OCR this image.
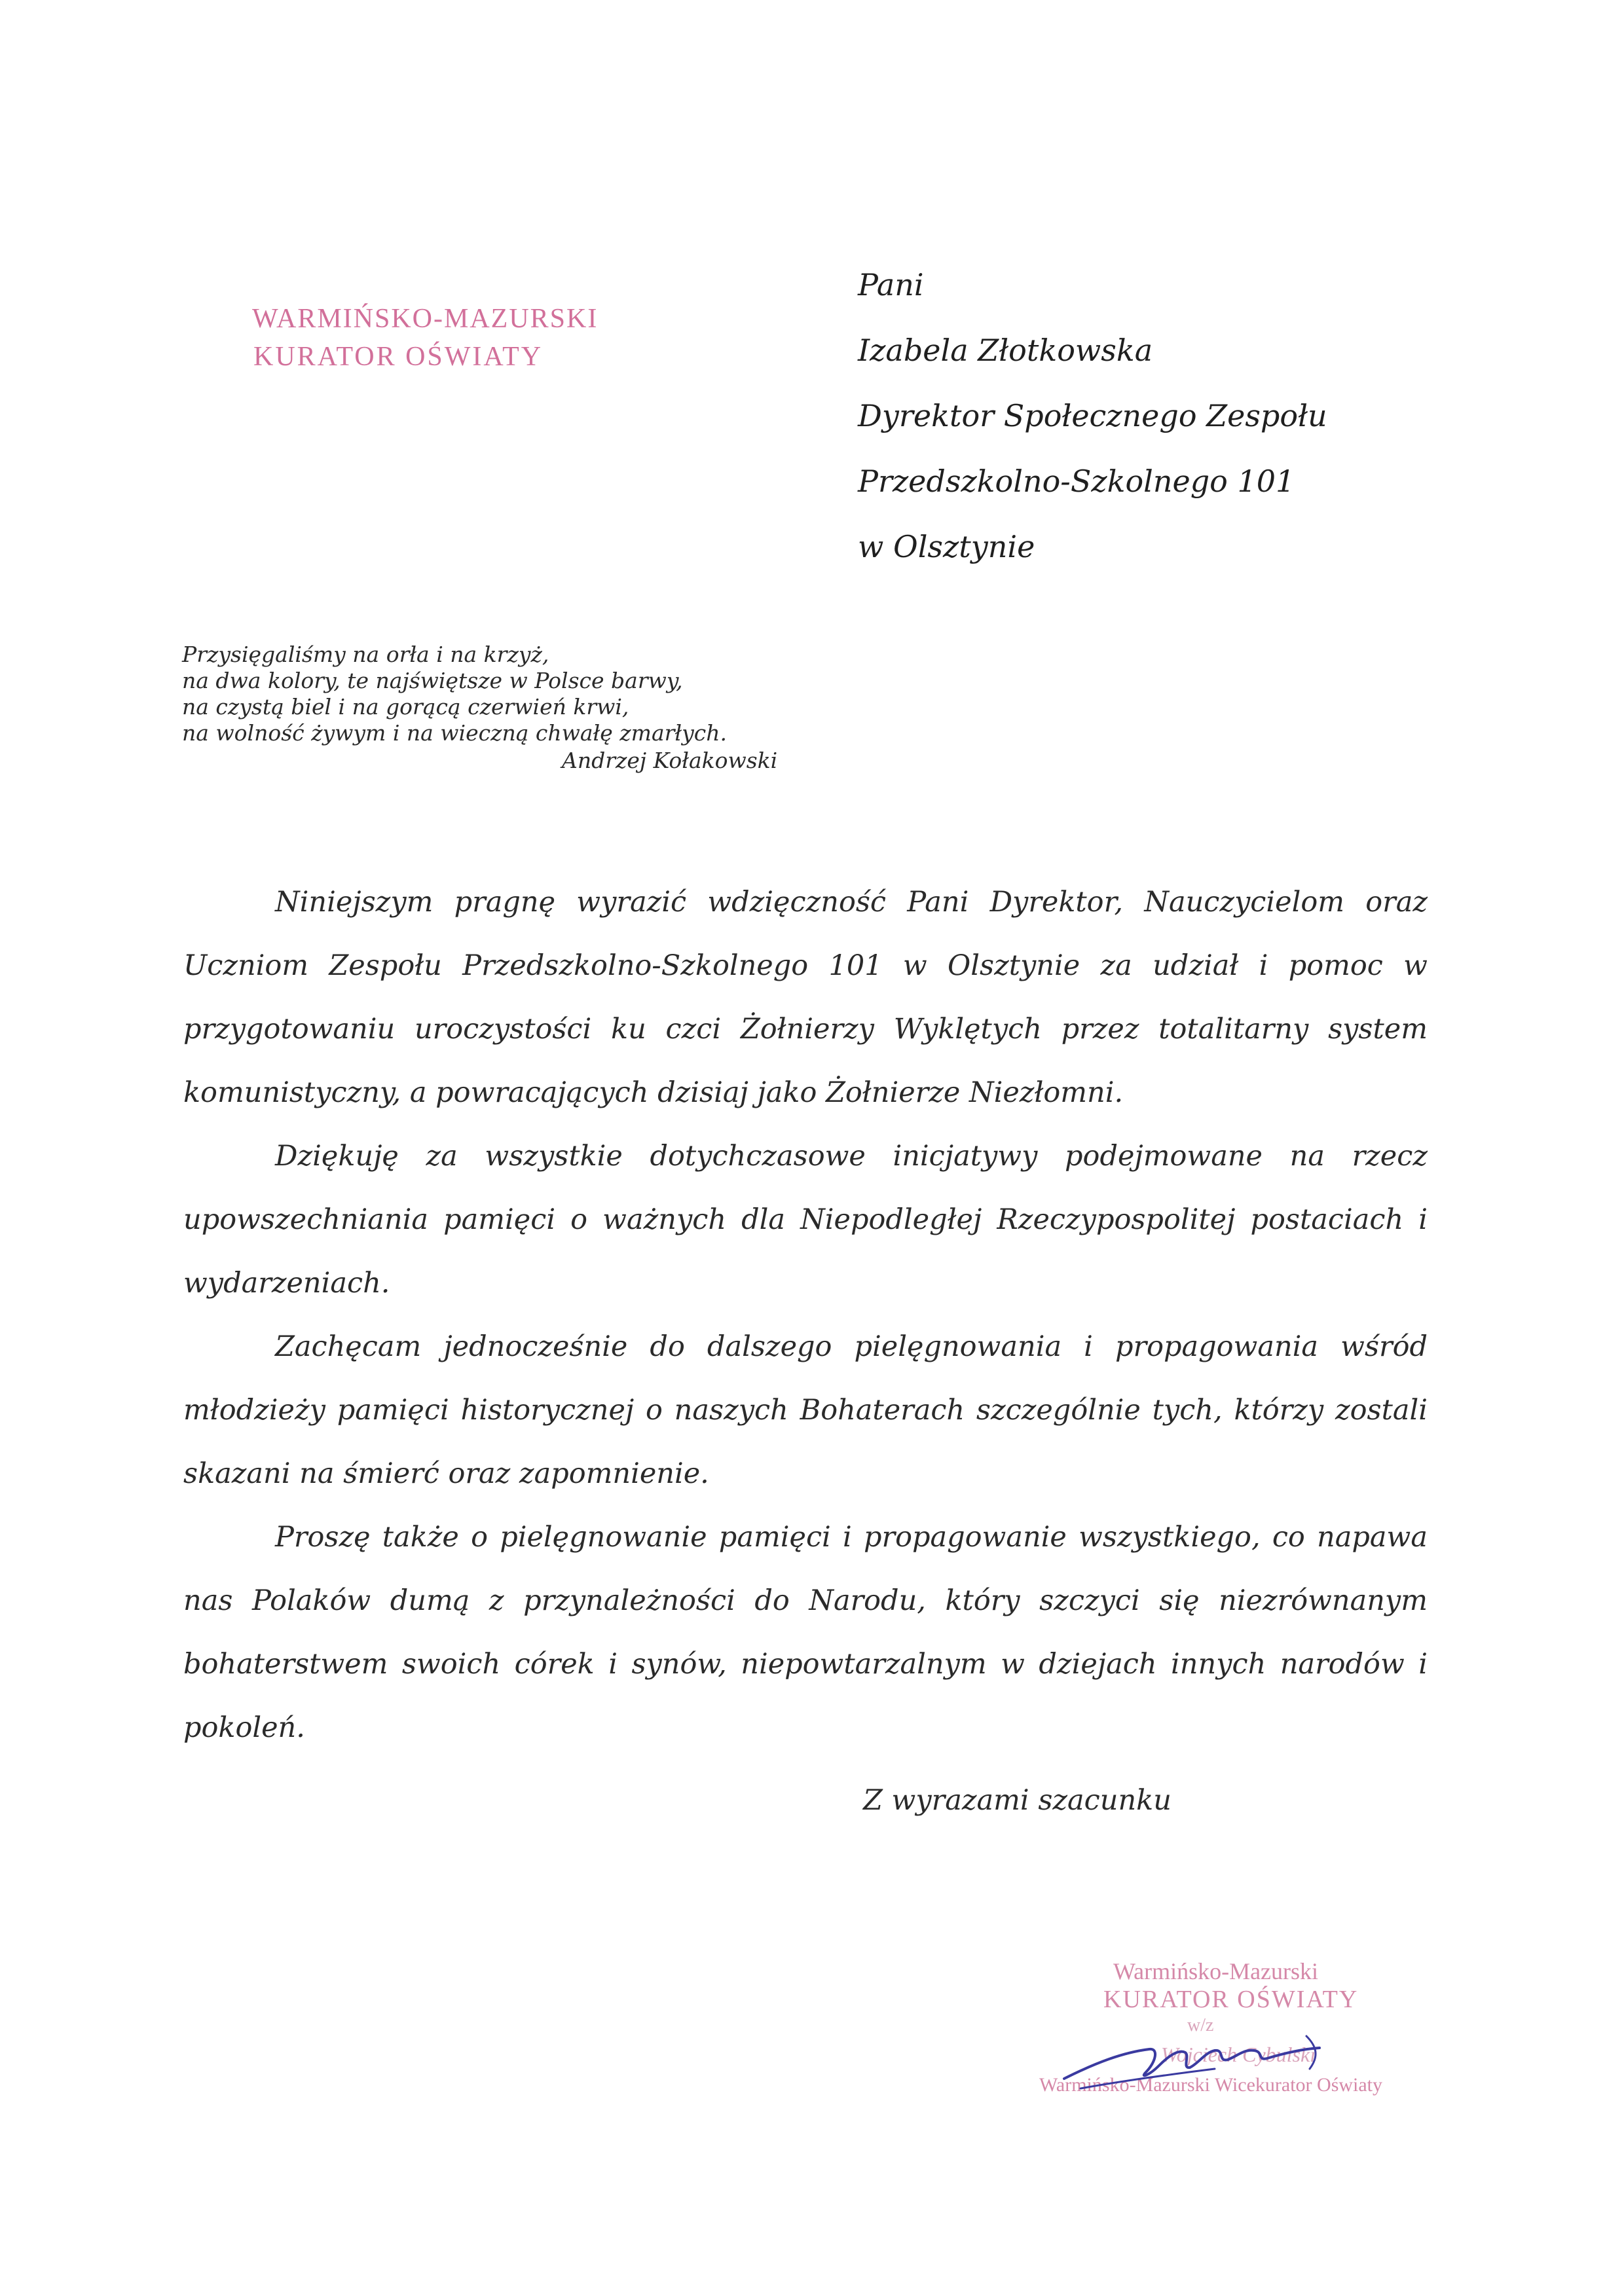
WARMIŃSKO-MAZURSKI
KURATOR OŚWIATY
Pani
Izabela Złotkowska
Dyrektor Społecznego Zespołu
Przedszkolno-Szkolnego 101
w Olsztynie
Przysięgaliśmy na orła i na krzyż,
na dwa kolory, te najświętsze w Polsce barwy,
na czystą biel i na gorącą czerwień krwi,
na wolność żywym i na wieczną chwałę zmarłych.
Andrzej Kołakowski

Niniejszym pragnę wyrazić wdzięczność Pani Dyrektor, Nauczycielom oraz Uczniom Zespołu Przedszkolno-Szkolnego 101 w Olsztynie za udział i pomoc w przygotowaniu uroczystości ku czci Żołnierzy Wyklętych przez totalitarny system komunistyczny, a powracających dzisiaj jako Żołnierze Niezłomni.

Dziękuję za wszystkie dotychczasowe inicjatywy podejmowane na rzecz upowszechniania pamięci o ważnych dla Niepodległej Rzeczypospolitej postaciach i wydarzeniach.

Zachęcam jednocześnie do dalszego pielęgnowania i propagowania wśród młodzieży pamięci historycznej o naszych Bohaterach szczególnie tych, którzy zostali skazani na śmierć oraz zapomnienie.

Proszę także o pielęgnowanie pamięci i propagowanie wszystkiego, co napawa nas Polaków dumą z przynależności do Narodu, który szczyci się niezrównanym bohaterstwem swoich córek i synów, niepowtarzalnym w dziejach innych narodów i pokoleń.

Z wyrazami szacunku
Warmińsko-Mazurski
KURATOR OŚWIATY
w/z
Wojciech Cybulski
Warmińsko-Mazurski Wicekurator Oświaty
